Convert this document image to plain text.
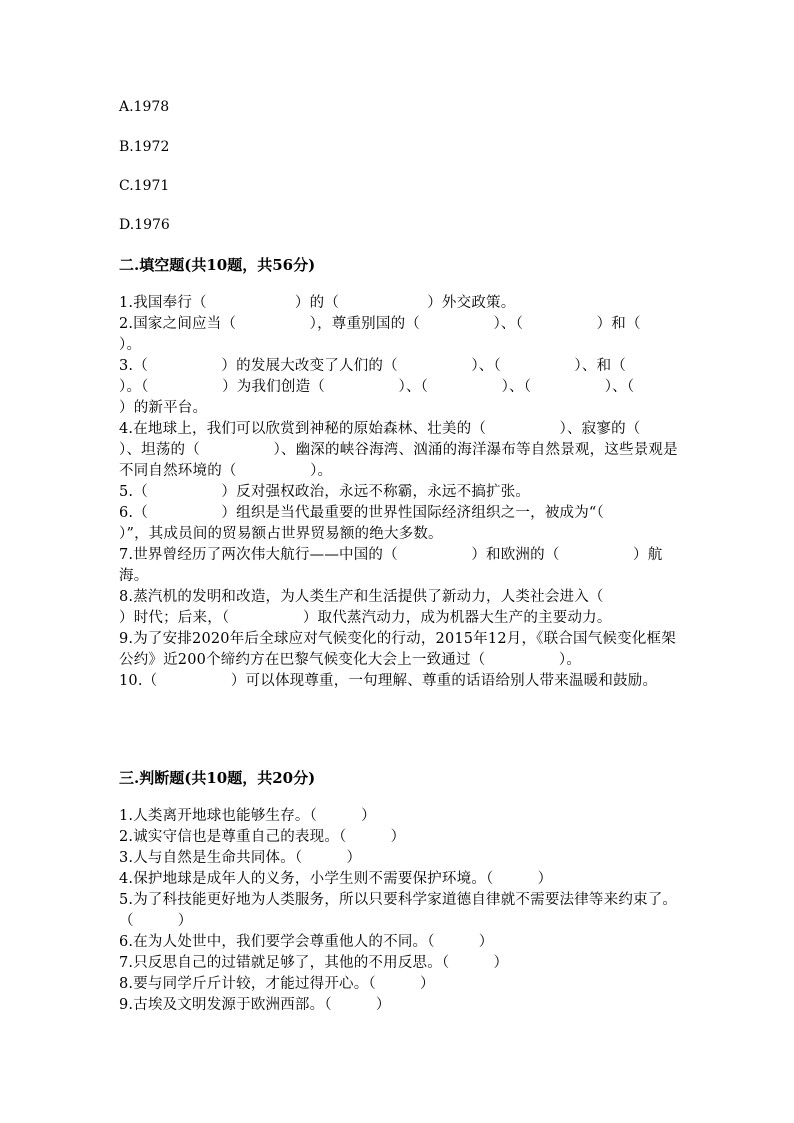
A.1978
B.1972
C.1971
D.1976
二.填空题(共10题，共56分)

1.我国奉行（　　　　　　）的（　　　　　　）外交政策。

2.国家之间应当（　　　　　），尊重别国的（　　　　　）、（　　　　　）和（　　　　　）。

3.（　　　　　）的发展大改变了人们的（　　　　　）、（　　　　　）、和（　　　　　）。（　　　　　）为我们创造（　　　　　）、（　　　　　）、（　　　　　）、（　　　　　）的新平台。

4.在地球上，我们可以欣赏到神秘的原始森林、壮美的（　　　　　）、寂寥的（　　　　　）、坦荡的（　　　　　）、幽深的峡谷海湾、汹涌的海洋瀑布等自然景观，这些景观是不同自然环境的（　　　　　）。

5.（　　　　　）反对强权政治，永远不称霸，永远不搞扩张。

6.（　　　　　）组织是当代最重要的世界性国际经济组织之一，被成为“（　　　　　）”，其成员间的贸易额占世界贸易额的绝大多数。

7.世界曾经历了两次伟大航行——中国的（　　　　　）和欧洲的（　　　　　）航海。

8.蒸汽机的发明和改造，为人类生产和生活提供了新动力，人类社会进入（　　　　　）时代；后来，（　　　　　）取代蒸汽动力，成为机器大生产的主要动力。

9.为了安排2020年后全球应对气候变化的行动，2015年12月，《联合国气候变化框架公约》近200个缔约方在巴黎气候变化大会上一致通过（　　　　　）。

10.（　　　　　）可以体现尊重，一句理解、尊重的话语给别人带来温暖和鼓励。

三.判断题(共10题，共20分)

1.人类离开地球也能够生存。（　　　）

2.诚实守信也是尊重自己的表现。（　　　）

3.人与自然是生命共同体。（　　　）

4.保护地球是成年人的义务，小学生则不需要保护环境。（　　　）

5.为了科技能更好地为人类服务，所以只要科学家道德自律就不需要法律等来约束了。（　　　）

6.在为人处世中，我们要学会尊重他人的不同。（　　　）

7.只反思自己的过错就足够了，其他的不用反思。（　　　）

8.要与同学斤斤计较，才能过得开心。（　　　）

9.古埃及文明发源于欧洲西部。（　　　）
